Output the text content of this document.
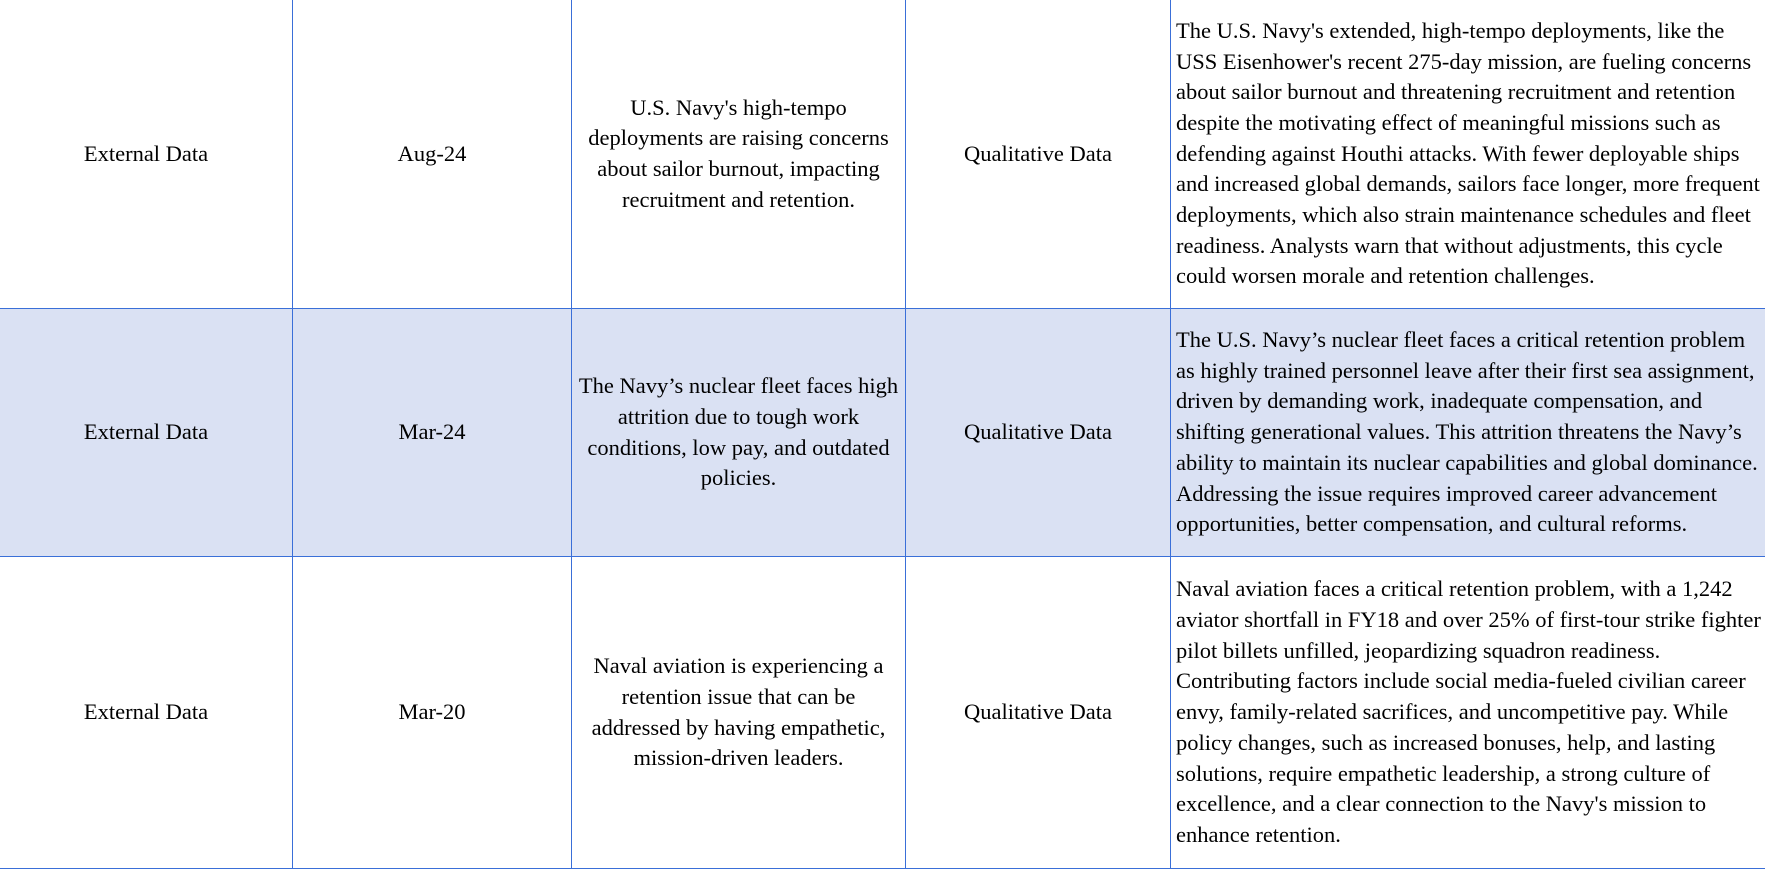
External Data	Aug-24	U.S. Navy's high-tempo deployments are raising concerns about sailor burnout, impacting recruitment and retention.	Qualitative Data	The U.S. Navy's extended, high-tempo deployments, like the USS Eisenhower's recent 275-day mission, are fueling concerns about sailor burnout and threatening recruitment and retention despite the motivating effect of meaningful missions such as defending against Houthi attacks. With fewer deployable ships and increased global demands, sailors face longer, more frequent deployments, which also strain maintenance schedules and fleet readiness. Analysts warn that without adjustments, this cycle could worsen morale and retention challenges.
External Data	Mar-24	The Navy’s nuclear fleet faces high attrition due to tough work conditions, low pay, and outdated policies.	Qualitative Data	The U.S. Navy’s nuclear fleet faces a critical retention problem as highly trained personnel leave after their first sea assignment, driven by demanding work, inadequate compensation, and shifting generational values. This attrition threatens the Navy’s ability to maintain its nuclear capabilities and global dominance. Addressing the issue requires improved career advancement opportunities, better compensation, and cultural reforms.
External Data	Mar-20	Naval aviation is experiencing a retention issue that can be addressed by having empathetic, mission-driven leaders.	Qualitative Data	Naval aviation faces a critical retention problem, with a 1,242 aviator shortfall in FY18 and over 25% of first-tour strike fighter pilot billets unfilled, jeopardizing squadron readiness. Contributing factors include social media-fueled civilian career envy, family-related sacrifices, and uncompetitive pay. While policy changes, such as increased bonuses, help, and lasting solutions, require empathetic leadership, a strong culture of excellence, and a clear connection to the Navy's mission to enhance retention.
